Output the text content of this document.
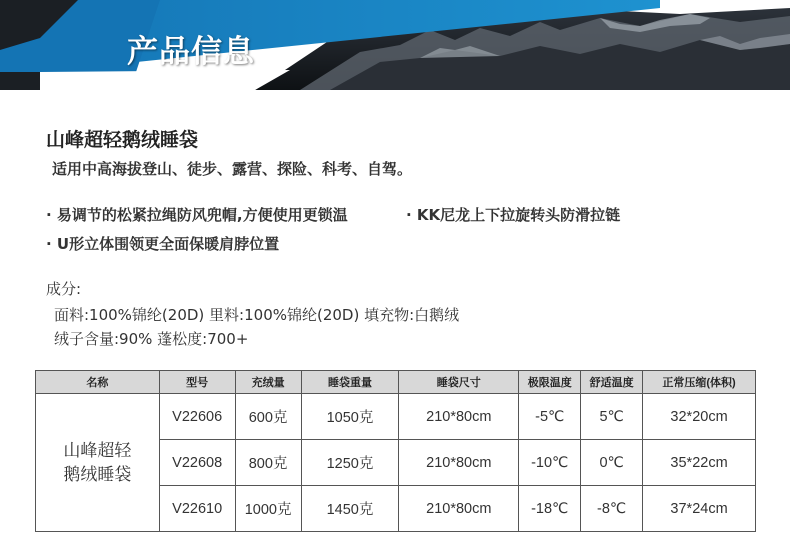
产品信息
山峰超轻鹅绒睡袋
适用中高海拔登山、徒步、露营、探险、科考、自驾。
· 易调节的松紧拉绳防风兜帽,方便使用更锁温	· KK尼龙上下拉旋转头防滑拉链
· U形立体围领更全面保暖肩脖位置
成分:
面料:100%锦纶(20D) 里料:100%锦纶(20D) 填充物:白鹅绒
绒子含量:90% 蓬松度:700+
名称	型号	充绒量	睡袋重量	睡袋尺寸	极限温度	舒适温度	正常压缩(体积)

山峰超轻
鹅绒睡袋	V22606	600克	1050克	210*80cm	-5℃	5℃	32*20cm
	V22608	800克	1250克	210*80cm	-10℃	0℃	35*22cm
	V22610	1000克	1450克	210*80cm	-18℃	-8℃	37*24cm
